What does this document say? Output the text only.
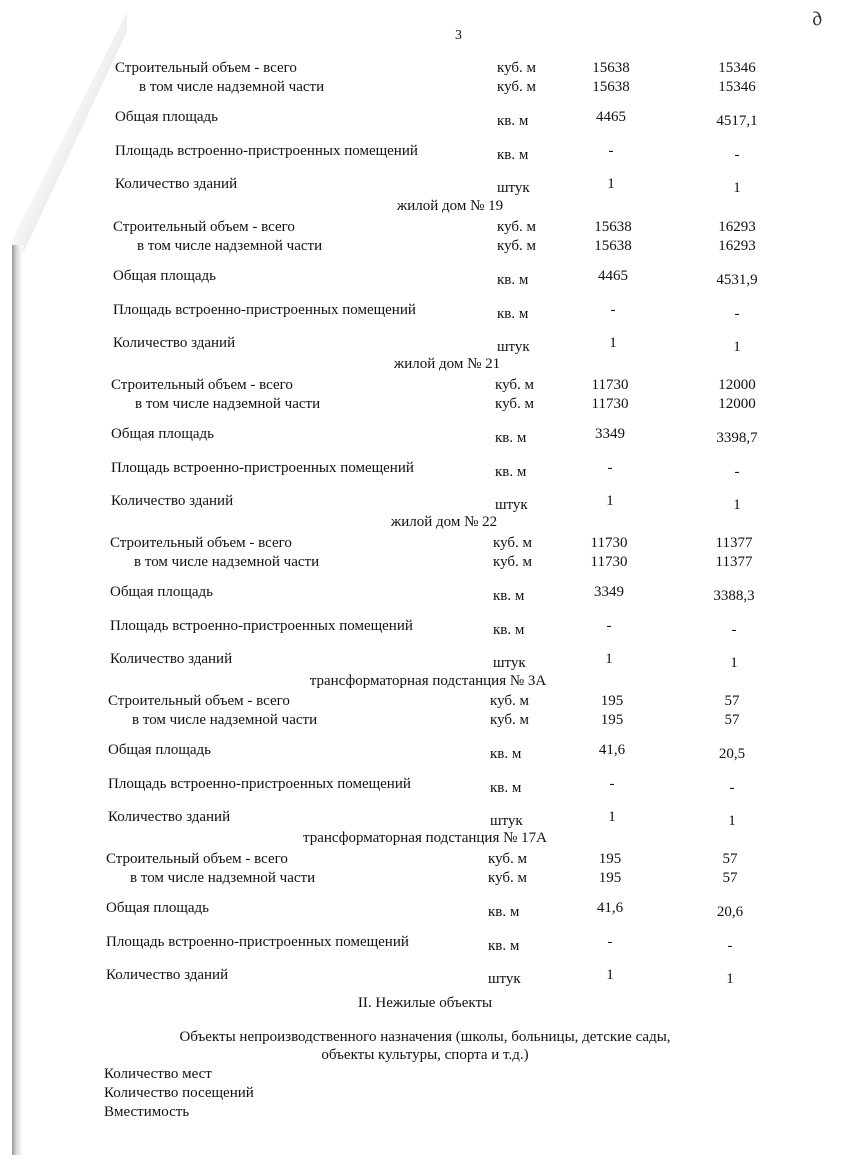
3
д
Строительный объем - всего	куб. м	15638	15346
в том числе надземной части	куб. м	15638	15346
Общая площадь	кв. м	4465	4517,1
Площадь встроенно-пристроенных помещений	кв. м	-	-
Количество зданий	штук	1	1
жилой дом № 19
Строительный объем - всего	куб. м	15638	16293
в том числе надземной части	куб. м	15638	16293
Общая площадь	кв. м	4465	4531,9
Площадь встроенно-пристроенных помещений	кв. м	-	-
Количество зданий	штук	1	1
жилой дом № 21
Строительный объем - всего	куб. м	11730	12000
в том числе надземной части	куб. м	11730	12000
Общая площадь	кв. м	3349	3398,7
Площадь встроенно-пристроенных помещений	кв. м	-	-
Количество зданий	штук	1	1
жилой дом № 22
Строительный объем - всего	куб. м	11730	11377
в том числе надземной части	куб. м	11730	11377
Общая площадь	кв. м	3349	3388,3
Площадь встроенно-пристроенных помещений	кв. м	-	-
Количество зданий	штук	1	1
трансформаторная подстанция № 3А
Строительный объем - всего	куб. м	195	57
в том числе надземной части	куб. м	195	57
Общая площадь	кв. м	41,6	20,5
Площадь встроенно-пристроенных помещений	кв. м	-	-
Количество зданий	штук	1	1
трансформаторная подстанция № 17А
Строительный объем - всего	куб. м	195	57
в том числе надземной части	куб. м	195	57
Общая площадь	кв. м	41,6	20,6
Площадь встроенно-пристроенных помещений	кв. м	-	-
Количество зданий	штук	1	1
II. Нежилые объекты
Объекты непроизводственного назначения (школы, больницы, детские сады,
объекты культуры, спорта и т.д.)
Количество мест
Количество посещений
Вместимость
